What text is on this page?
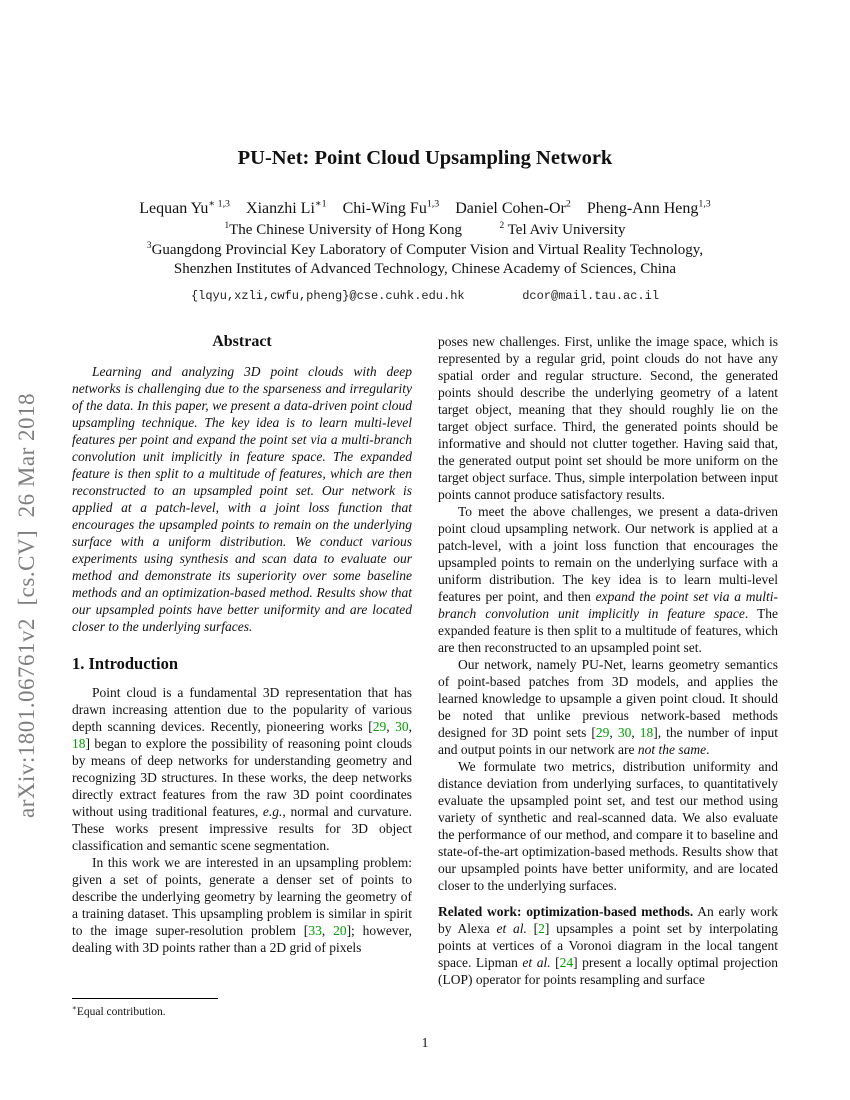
arXiv:1801.06761v2  [cs.CV]  26 Mar 2018
PU-Net: Point Cloud Upsampling Network
Lequan $Yu^{∗ 1,3}$ Xianzhi $Li^{∗1}$ Chi-Wing Fu$^{1,3}$ Daniel Cohen-Or$^2$ Pheng-Ann Heng$^{1,3}$
$^1$The Chinese University of Hong Kong	$^2$ Tel Aviv University
$^3$Guangdong Provincial Key Laboratory of Computer Vision and Virtual Reality Technology,
Shenzhen Institutes of Advanced Technology, Chinese Academy of Sciences, China
{lqyu,xzli,cwfu,pheng}@cse.cuhk.edu.hk        dcor@mail.tau.ac.il
Abstract

Learning and analyzing 3D point clouds with deep networks is challenging due to the sparseness and irregularity of the data. In this paper, we present a data-driven point cloud upsampling technique. The key idea is to learn multi-level features per point and expand the point set via a multi-branch convolution unit implicitly in feature space. The expanded feature is then split to a multitude of features, which are then reconstructed to an upsampled point set. Our network is applied at a patch-level, with a joint loss function that encourages the upsampled points to remain on the underlying surface with a uniform distribution. We conduct various experiments using synthesis and scan data to evaluate our method and demonstrate its superiority over some baseline methods and an optimization-based method. Results show that our upsampled points have better uniformity and are located closer to the underlying surfaces.

1. Introduction

Point cloud is a fundamental 3D representation that has drawn increasing attention due to the popularity of various depth scanning devices. Recently, pioneering works [29, 30, 18] began to explore the possibility of reasoning point clouds by means of deep networks for understanding geometry and recognizing 3D structures. In these works, the deep networks directly extract features from the raw 3D point coordinates without using traditional features, e.g., normal and curvature. These works present impressive results for 3D object classification and semantic scene segmentation.

In this work we are interested in an upsampling problem: given a set of points, generate a denser set of points to describe the underlying geometry by learning the geometry of a training dataset. This upsampling problem is similar in spirit to the image super-resolution problem [33, 20]; however, dealing with 3D points rather than a 2D grid of pixels

∗Equal contribution.

poses new challenges. First, unlike the image space, which is represented by a regular grid, point clouds do not have any spatial order and regular structure. Second, the generated points should describe the underlying geometry of a latent target object, meaning that they should roughly lie on the target object surface. Third, the generated points should be informative and should not clutter together. Having said that, the generated output point set should be more uniform on the target object surface. Thus, simple interpolation between input points cannot produce satisfactory results.

To meet the above challenges, we present a data-driven point cloud upsampling network. Our network is applied at a patch-level, with a joint loss function that encourages the upsampled points to remain on the underlying surface with a uniform distribution. The key idea is to learn multi-level features per point, and then expand the point set via a multi-branch convolution unit implicitly in feature space. The expanded feature is then split to a multitude of features, which are then reconstructed to an upsampled point set.

Our network, namely PU-Net, learns geometry semantics of point-based patches from 3D models, and applies the learned knowledge to upsample a given point cloud. It should be noted that unlike previous network-based methods designed for 3D point sets [29, 30, 18], the number of input and output points in our network are not the same.

We formulate two metrics, distribution uniformity and distance deviation from underlying surfaces, to quantitatively evaluate the upsampled point set, and test our method using variety of synthetic and real-scanned data. We also evaluate the performance of our method, and compare it to baseline and state-of-the-art optimization-based methods. Results show that our upsampled points have better uniformity, and are located closer to the underlying surfaces.

Related work: optimization-based methods. An early work by Alexa et al. [2] upsamples a point set by interpolating points at vertices of a Voronoi diagram in the local tangent space. Lipman et al. [24] present a locally optimal projection (LOP) operator for points resampling and surface

1
